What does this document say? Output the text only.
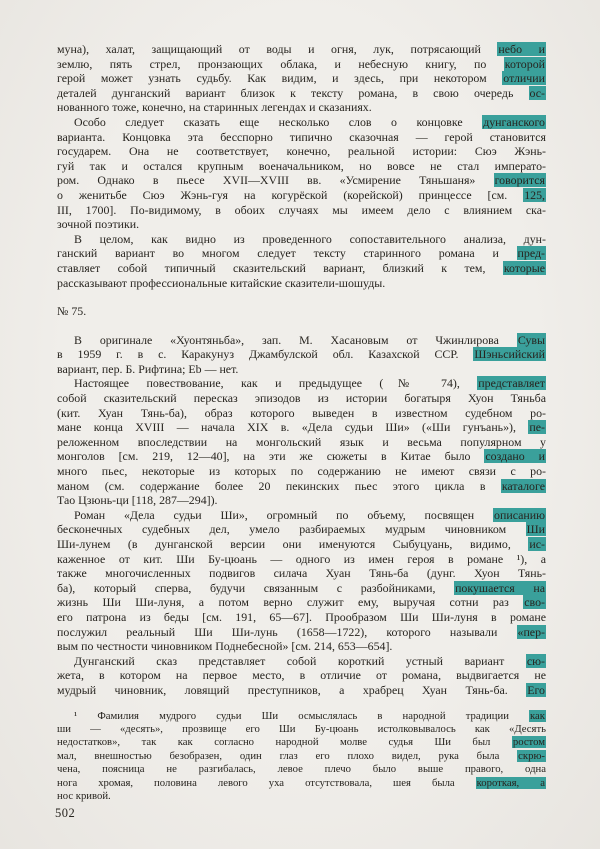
муна), халат, защищающий от воды и огня, лук, потрясающий небо и
землю, пять стрел, пронзающих облака, и небесную книгу, по которой
герой может узнать судьбу. Как видим, и здесь, при некотором отличии
деталей дунганский вариант близок к тексту романа, в свою очередь ос-
нованного тоже, конечно, на старинных легендах и сказаниях.
Особо следует сказать еще несколько слов о концовке дунганского
варианта. Концовка эта бесспорно типично сказочная — герой становится
государем. Она не соответствует, конечно, реальной истории: Сюэ Жэнь-
гуй так и остался крупным военачальником, но вовсе не стал императо-
ром. Однако в пьесе XVII—XVIII вв. «Усмирение Тяньшаня» говорится
о женитьбе Сюэ Жэнь-гуя на когурёской (корейской) принцессе [см. 125,
III, 1700]. По-видимому, в обоих случаях мы имеем дело с влиянием ска-
зочной поэтики.
В целом, как видно из проведенного сопоставительного анализа, дун-
ганский вариант во многом следует тексту старинного романа и пред-
ставляет собой типичный сказительский вариант, близкий к тем, которые
рассказывают профессиональные китайские сказители-шошуды.
№ 75.
В оригинале «Хуонтяньба», зап. М. Хасановым от Чжинлирова Сувы
в 1959 г. в с. Каракунуз Джамбулской обл. Казахской ССР. Шэньсийский
вариант, пер. Б. Рифтина; Eb — нет.
Настоящее повествование, как и предыдущее (№ 74), представляет
собой сказительский пересказ эпизодов из истории богатыря Хуон Тяньба
(кит. Хуан Тянь-ба), образ которого выведен в известном судебном ро-
мане конца XVIII — начала XIX в. «Дела судьи Ши» («Ши гунъань»), пе-
реложенном впоследствии на монгольский язык и весьма популярном у
монголов [см. 219, 12—40], на эти же сюжеты в Китае было создано и
много пьес, некоторые из которых по содержанию не имеют связи с ро-
маном (см. содержание более 20 пекинских пьес этого цикла в каталоге
Тао Цзюнь-ци [118, 287—294]).
Роман «Дела судьи Ши», огромный по объему, посвящен описанию
бесконечных судебных дел, умело разбираемых мудрым чиновником Ши
Ши-лунем (в дунганской версии они именуются Сыбуцуань, видимо, ис-
каженное от кит. Ши Бу-цюань — одного из имен героя в романе ¹), а
также многочисленных подвигов силача Хуан Тянь-ба (дунг. Хуон Тянь-
ба), который сперва, будучи связанным с разбойниками, покушается на
жизнь Ши Ши-луня, а потом верно служит ему, выручая сотни раз сво-
его патрона из беды [см. 191, 65—67]. Прообразом Ши Ши-луня в романе
послужил реальный Ши Ши-лунь (1658—1722), которого называли «пер-
вым по честности чиновником Поднебесной» [см. 214, 653—654].
Дунганский сказ представляет собой короткий устный вариант сю-
жета, в котором на первое место, в отличие от романа, выдвигается не
мудрый чиновник, ловящий преступников, а храбрец Хуан Тянь-ба. Его
¹ Фамилия мудрого судьи Ши осмыслялась в народной традиции как
ши — «десять», прозвище его Ши Бу-цюань истолковывалось как «Десять
недостатков», так как согласно народной молве судья Ши был ростом
мал, внешностью безобразен, один глаз его плохо видел, рука была скрю-
чена, поясница не разгибалась, левое плечо было выше правого, одна
нога хромая, половина левого уха отсутствовала, шея была короткая, а
нос кривой.
502
